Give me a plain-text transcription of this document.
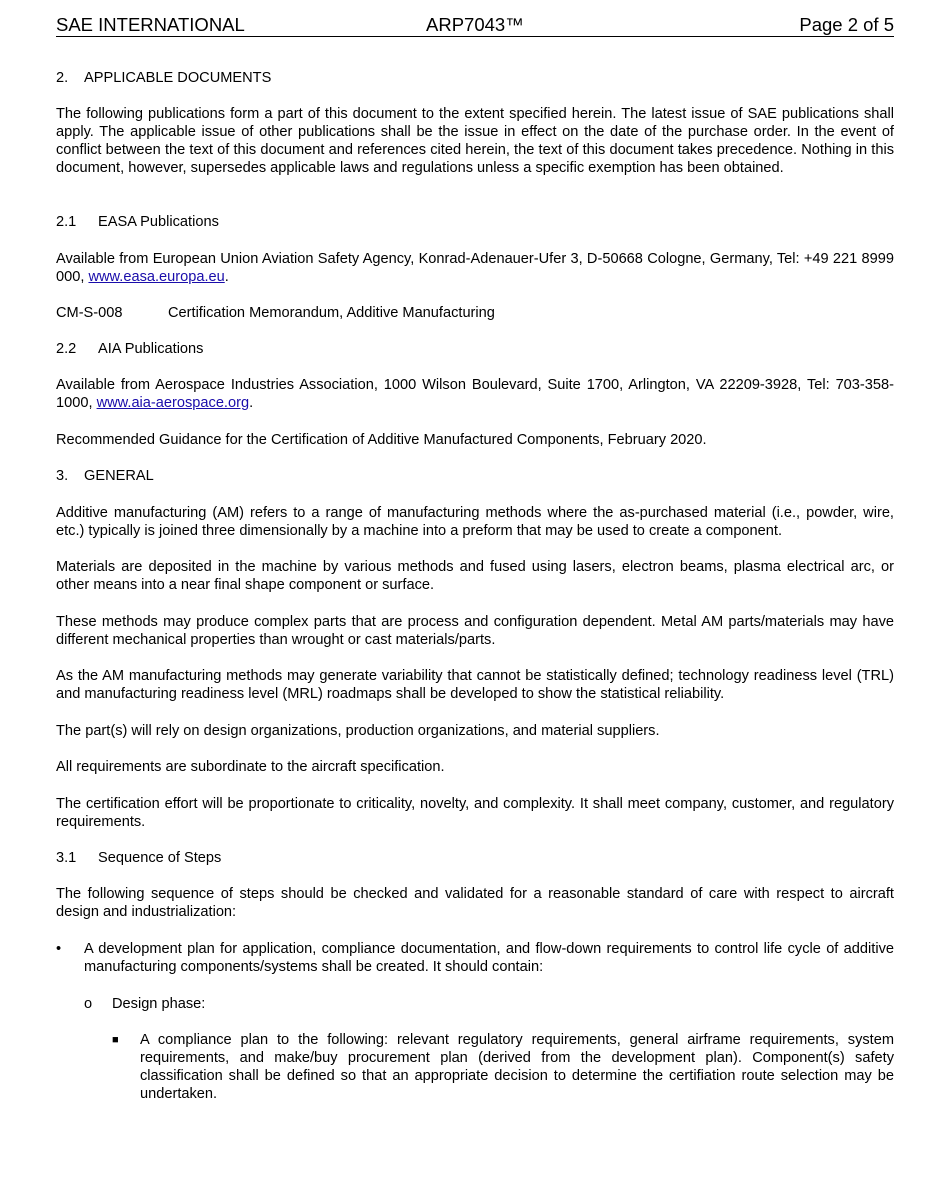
SAE INTERNATIONAL	ARP7043™	Page 2 of 5

2. APPLICABLE DOCUMENTS

The following publications form a part of this document to the extent specified herein. The latest issue of SAE publications shall apply. The applicable issue of other publications shall be the issue in effect on the date of the purchase order. In the event of conflict between the text of this document and references cited herein, the text of this document takes precedence. Nothing in this document, however, supersedes applicable laws and regulations unless a specific exemption has been obtained.

2.1 EASA Publications

Available from European Union Aviation Safety Agency, Konrad-Adenauer-Ufer 3, D-50668 Cologne, Germany, Tel: +49 221 8999 000, www.easa.europa.eu.

CM-S-008	Certification Memorandum, Additive Manufacturing

2.2 AIA Publications

Available from Aerospace Industries Association, 1000 Wilson Boulevard, Suite 1700, Arlington, VA 22209-3928, Tel: 703-358-1000, www.aia-aerospace.org.

Recommended Guidance for the Certification of Additive Manufactured Components, February 2020.

3. GENERAL

Additive manufacturing (AM) refers to a range of manufacturing methods where the as-purchased material (i.e., powder, wire, etc.) typically is joined three dimensionally by a machine into a preform that may be used to create a component.

Materials are deposited in the machine by various methods and fused using lasers, electron beams, plasma electrical arc, or other means into a near final shape component or surface.

These methods may produce complex parts that are process and configuration dependent. Metal AM parts/materials may have different mechanical properties than wrought or cast materials/parts.

As the AM manufacturing methods may generate variability that cannot be statistically defined; technology readiness level (TRL) and manufacturing readiness level (MRL) roadmaps shall be developed to show the statistical reliability.

The part(s) will rely on design organizations, production organizations, and material suppliers.

All requirements are subordinate to the aircraft specification.

The certification effort will be proportionate to criticality, novelty, and complexity. It shall meet company, customer, and regulatory requirements.

3.1 Sequence of Steps

The following sequence of steps should be checked and validated for a reasonable standard of care with respect to aircraft design and industrialization:

• A development plan for application, compliance documentation, and flow-down requirements to control life cycle of additive manufacturing components/systems shall be created. It should contain:

o Design phase:

■ A compliance plan to the following: relevant regulatory requirements, general airframe requirements, system requirements, and make/buy procurement plan (derived from the development plan). Component(s) safety classification shall be defined so that an appropriate decision to determine the certifiation route selection may be undertaken.
